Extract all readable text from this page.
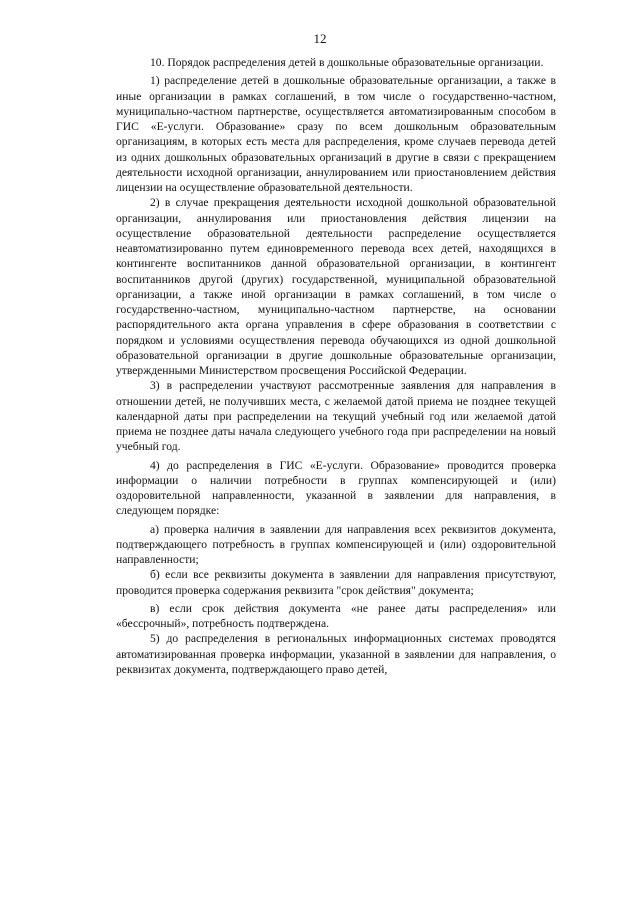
12

10. Порядок распределения детей в дошкольные образовательные организации.

1) распределение детей в дошкольные образовательные организации, а также в иные организации в рамках соглашений, в том числе о государственно-частном, муниципально-частном партнерстве, осуществляется автоматизированным способом в ГИС «Е-услуги. Образование» сразу по всем дошкольным образовательным организациям, в которых есть места для распределения, кроме случаев перевода детей из одних дошкольных образовательных организаций в другие в связи с прекращением деятельности исходной организации, аннулированием или приостановлением действия лицензии на осуществление образовательной деятельности.

2) в случае прекращения деятельности исходной дошкольной образовательной организации, аннулирования или приостановления действия лицензии на осуществление образовательной деятельности распределение осуществляется неавтоматизированно путем единовременного перевода всех детей, находящихся в контингенте воспитанников данной образовательной организации, в контингент воспитанников другой (других) государственной, муниципальной образовательной организации, а также иной организации в рамках соглашений, в том числе о государственно-частном, муниципально-частном партнерстве, на основании распорядительного акта органа управления в сфере образования в соответствии с порядком и условиями осуществления перевода обучающихся из одной дошкольной образовательной организации в другие дошкольные образовательные организации, утвержденными Министерством просвещения Российской Федерации.

3) в распределении участвуют рассмотренные заявления для направления в отношении детей, не получивших места, с желаемой датой приема не позднее текущей календарной даты при распределении на текущий учебный год или желаемой датой приема не позднее даты начала следующего учебного года при распределении на новый учебный год.

4) до распределения в ГИС «Е-услуги. Образование» проводится проверка информации о наличии потребности в группах компенсирующей и (или) оздоровительной направленности, указанной в заявлении для направления, в следующем порядке:

а) проверка наличия в заявлении для направления всех реквизитов документа, подтверждающего потребность в группах компенсирующей и (или) оздоровительной направленности;

б) если все реквизиты документа в заявлении для направления присутствуют, проводится проверка содержания реквизита "срок действия" документа;

в) если срок действия документа «не ранее даты распределения» или «бессрочный», потребность подтверждена.

5) до распределения в региональных информационных системах проводятся автоматизированная проверка информации, указанной в заявлении для направления, о реквизитах документа, подтверждающего право детей,
